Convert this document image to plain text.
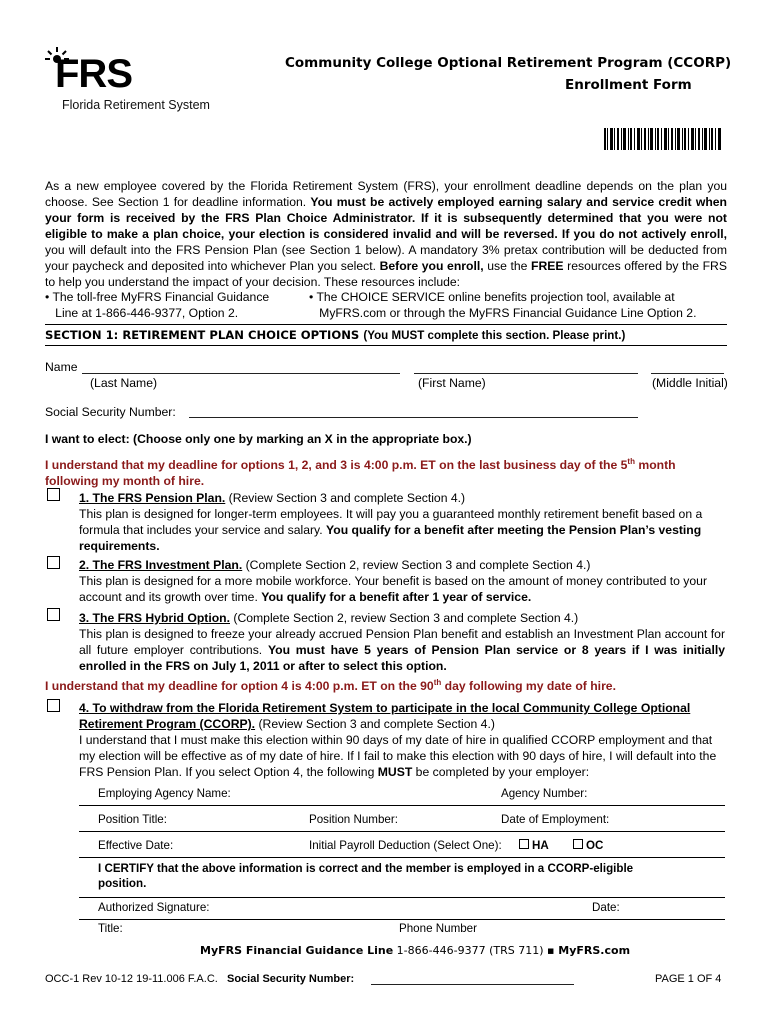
FRS
Florida Retirement System
Community College Optional Retirement Program (CCORP)
Enrollment Form

As a new employee covered by the Florida Retirement System (FRS), your enrollment deadline depends on the plan you choose. See Section 1 for deadline information. You must be actively employed earning salary and service credit when your form is received by the FRS Plan Choice Administrator. If it is subsequently determined that you were not eligible to make a plan choice, your election is considered invalid and will be reversed. If you do not actively enroll, you will default into the FRS Pension Plan (see Section 1 below). A mandatory 3% pretax contribution will be deducted from your paycheck and deposited into whichever Plan you select. Before you enroll, use the FREE resources offered by the FRS to help you understand the impact of your decision. These resources include:

• The toll-free MyFRS Financial Guidance
Line at 1-866-446-9377, Option 2.
• The CHOICE SERVICE online benefits projection tool, available at
MyFRS.com or through the MyFRS Financial Guidance Line Option 2.
SECTION 1: RETIREMENT PLAN CHOICE OPTIONS (You MUST complete this section. Please print.)
Name
(Last Name)	(First Name)	(Middle Initial)
Social Security Number:
I want to elect: (Choose only one by marking an X in the appropriate box.)
I understand that my deadline for options 1, 2, and 3 is 4:00 p.m. ET on the last business day of the 5th month
following my month of hire.
1. The FRS Pension Plan. (Review Section 3 and complete Section 4.)
This plan is designed for longer-term employees. It will pay you a guaranteed monthly retirement benefit based on a formula that includes your service and salary. You qualify for a benefit after meeting the Pension Plan’s vesting requirements.
2. The FRS Investment Plan. (Complete Section 2, review Section 3 and complete Section 4.)
This plan is designed for a more mobile workforce. Your benefit is based on the amount of money contributed to your account and its growth over time. You qualify for a benefit after 1 year of service.
3. The FRS Hybrid Option. (Complete Section 2, review Section 3 and complete Section 4.)
This plan is designed to freeze your already accrued Pension Plan benefit and establish an Investment Plan account for all future employer contributions. You must have 5 years of Pension Plan service or 8 years if I was initially enrolled in the FRS on July 1, 2011 or after to select this option.
I understand that my deadline for option 4 is 4:00 p.m. ET on the 90th day following my date of hire.
4. To withdraw from the Florida Retirement System to participate in the local Community College Optional Retirement Program (CCORP). (Review Section 3 and complete Section 4.)
I understand that I must make this election within 90 days of my date of hire in qualified CCORP employment and that my election will be effective as of my date of hire. If I fail to make this election with 90 days of hire, I will default into the FRS Pension Plan. If you select Option 4, the following MUST be completed by your employer:
Employing Agency Name:	Agency Number:
Position Title:	Position Number:	Date of Employment:
Effective Date:	Initial Payroll Deduction (Select One):	HA	OC
I CERTIFY that the above information is correct and the member is employed in a CCORP-eligible position.
Authorized Signature:	Date:
Title:	Phone Number
MyFRS Financial Guidance Line 1-866-446-9377 (TRS 711) ▪ MyFRS.com
OCC-1 Rev 10-12 19-11.006 F.A.C. Social Security Number:	PAGE 1 OF 4
